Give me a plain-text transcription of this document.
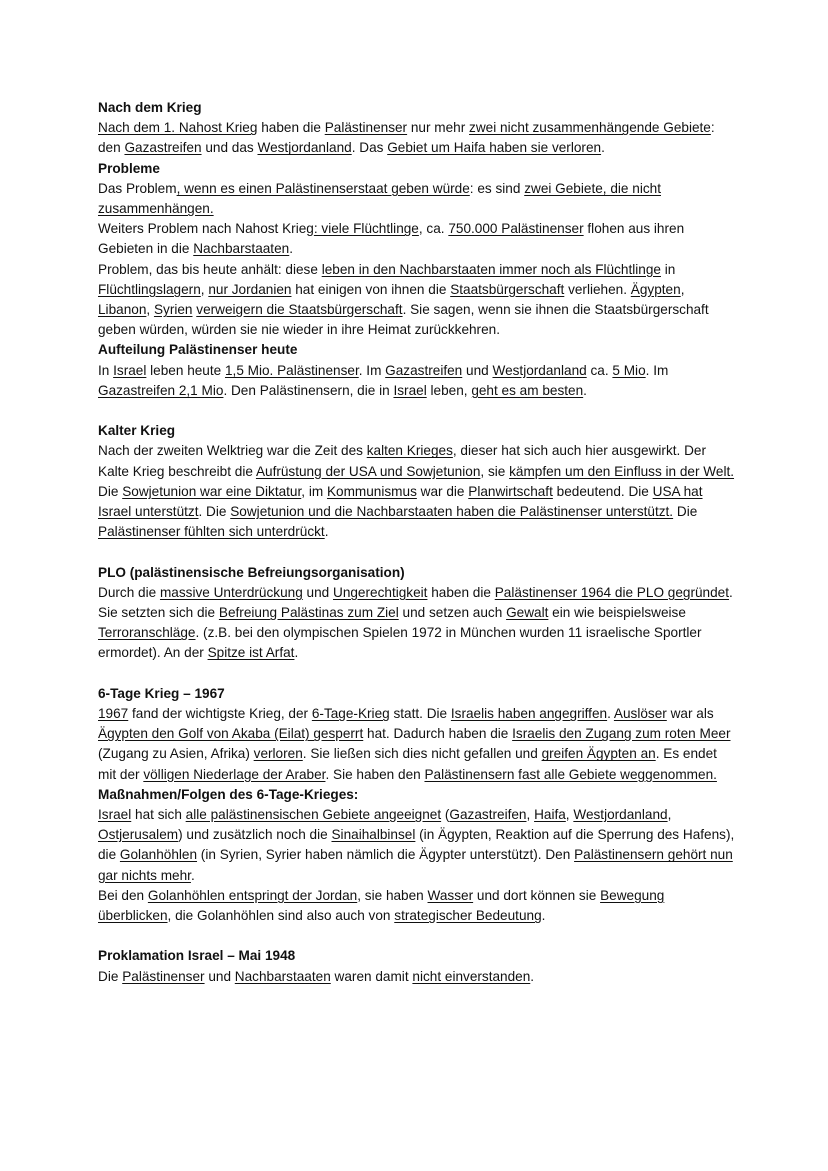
Nach dem Krieg

Nach dem 1. Nahost Krieg haben die Palästinenser nur mehr zwei nicht zusammenhängende Gebiete: den Gazastreifen und das Westjordanland. Das Gebiet um Haifa haben sie verloren.

Probleme

Das Problem, wenn es einen Palästinenserstaat geben würde: es sind zwei Gebiete, die nicht zusammenhängen.

Weiters Problem nach Nahost Krieg: viele Flüchtlinge, ca. 750.000 Palästinenser flohen aus ihren Gebieten in die Nachbarstaaten.

Problem, das bis heute anhält: diese leben in den Nachbarstaaten immer noch als Flüchtlinge in Flüchtlingslagern, nur Jordanien hat einigen von ihnen die Staatsbürgerschaft verliehen. Ägypten, Libanon, Syrien verweigern die Staatsbürgerschaft. Sie sagen, wenn sie ihnen die Staatsbürgerschaft geben würden, würden sie nie wieder in ihre Heimat zurückkehren.

Aufteilung Palästinenser heute

In Israel leben heute 1,5 Mio. Palästinenser. Im Gazastreifen und Westjordanland ca. 5 Mio. Im Gazastreifen 2,1 Mio. Den Palästinensern, die in Israel leben, geht es am besten.

Kalter Krieg

Nach der zweiten Welktrieg war die Zeit des kalten Krieges, dieser hat sich auch hier ausgewirkt. Der Kalte Krieg beschreibt die Aufrüstung der USA und Sowjetunion, sie kämpfen um den Einfluss in der Welt. Die Sowjetunion war eine Diktatur, im Kommunismus war die Planwirtschaft bedeutend. Die USA hat Israel unterstützt. Die Sowjetunion und die Nachbarstaaten haben die Palästinenser unterstützt. Die Palästinenser fühlten sich unterdrückt.

PLO (palästinensische Befreiungsorganisation)

Durch die massive Unterdrückung und Ungerechtigkeit haben die Palästinenser 1964 die PLO gegründet. Sie setzten sich die Befreiung Palästinas zum Ziel und setzen auch Gewalt ein wie beispielsweise Terroranschläge. (z.B. bei den olympischen Spielen 1972 in München wurden 11 israelische Sportler ermordet). An der Spitze ist Arfat.

6-Tage Krieg – 1967

1967 fand der wichtigste Krieg, der 6-Tage-Krieg statt. Die Israelis haben angegriffen. Auslöser war als Ägypten den Golf von Akaba (Eilat) gesperrt hat. Dadurch haben die Israelis den Zugang zum roten Meer (Zugang zu Asien, Afrika) verloren. Sie ließen sich dies nicht gefallen und greifen Ägypten an. Es endet mit der völligen Niederlage der Araber. Sie haben den Palästinensern fast alle Gebiete weggenommen.

Maßnahmen/Folgen des 6-Tage-Krieges:

Israel hat sich alle palästinensischen Gebiete angeeignet (Gazastreifen, Haifa, Westjordanland, Ostjerusalem) und zusätzlich noch die Sinaihalbinsel (in Ägypten, Reaktion auf die Sperrung des Hafens), die Golanhöhlen (in Syrien, Syrier haben nämlich die Ägypter unterstützt). Den Palästinensern gehört nun gar nichts mehr.

Bei den Golanhöhlen entspringt der Jordan, sie haben Wasser und dort können sie Bewegung überblicken, die Golanhöhlen sind also auch von strategischer Bedeutung.

Proklamation Israel – Mai 1948

Die Palästinenser und Nachbarstaaten waren damit nicht einverstanden.
